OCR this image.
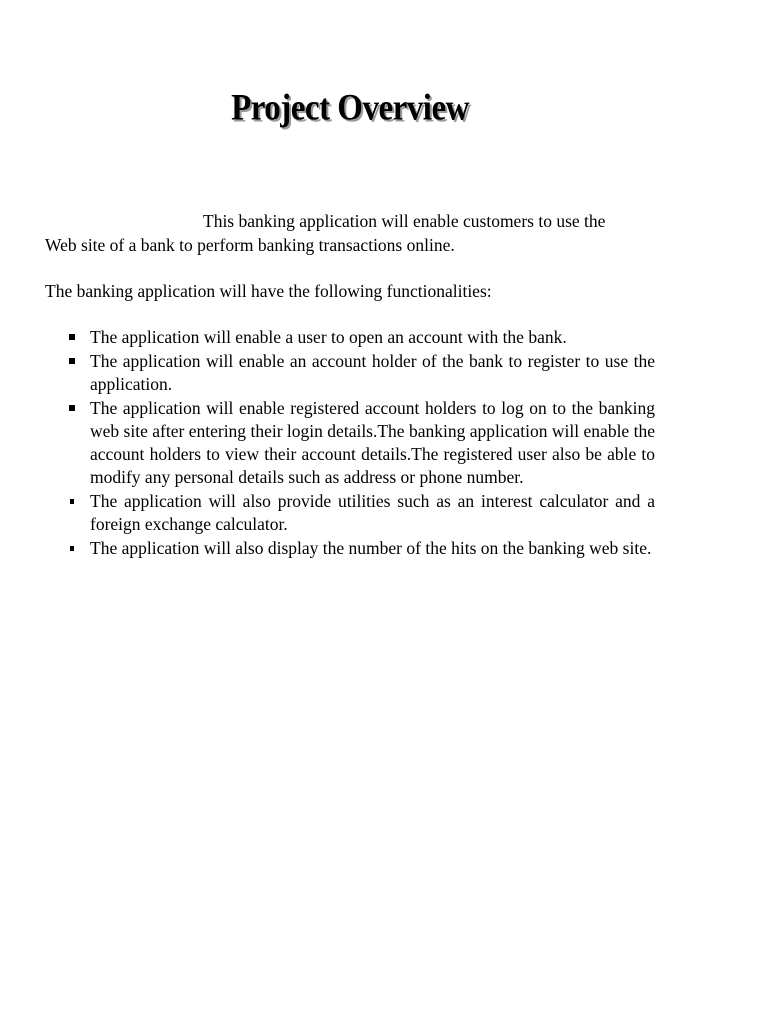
Project Overview

This banking application will enable customers to use the Web site of a bank to perform banking transactions online.

The banking application will have the following functionalities:

The application will enable a user to open an account with the bank.
The application will enable an account holder of the bank to register to use the application.
The application will enable registered account holders to log on to the banking web site after entering their login details.The banking application will enable the account holders to view their account details.The registered user also be able to modify any personal details such as address or phone number.
The application will also provide utilities such as an interest calculator and a foreign exchange calculator.
The application will also display the number of the hits on the banking web site.
